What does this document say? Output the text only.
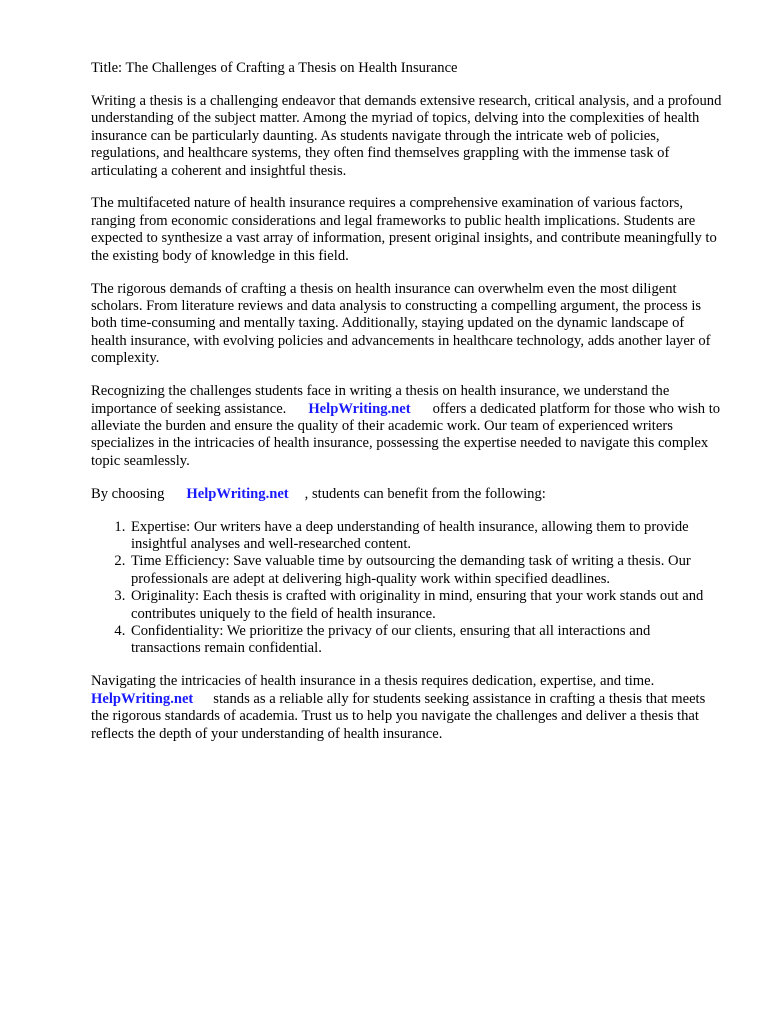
Title: The Challenges of Crafting a Thesis on Health Insurance

Writing a thesis is a challenging endeavor that demands extensive research, critical analysis, and a profound understanding of the subject matter. Among the myriad of topics, delving into the complexities of health insurance can be particularly daunting. As students navigate through the intricate web of policies, regulations, and healthcare systems, they often find themselves grappling with the immense task of articulating a coherent and insightful thesis.

The multifaceted nature of health insurance requires a comprehensive examination of various factors, ranging from economic considerations and legal frameworks to public health implications. Students are expected to synthesize a vast array of information, present original insights, and contribute meaningfully to the existing body of knowledge in this field.

The rigorous demands of crafting a thesis on health insurance can overwhelm even the most diligent scholars. From literature reviews and data analysis to constructing a compelling argument, the process is both time-consuming and mentally taxing. Additionally, staying updated on the dynamic landscape of health insurance, with evolving policies and advancements in healthcare technology, adds another layer of complexity.

Recognizing the challenges students face in writing a thesis on health insurance, we understand the importance of seeking assistance. HelpWriting.net offers a dedicated platform for those who wish to alleviate the burden and ensure the quality of their academic work. Our team of experienced writers specializes in the intricacies of health insurance, possessing the expertise needed to navigate this complex topic seamlessly.

By choosing HelpWriting.net , students can benefit from the following:

1. Expertise: Our writers have a deep understanding of health insurance, allowing them to provide insightful analyses and well-researched content.
2. Time Efficiency: Save valuable time by outsourcing the demanding task of writing a thesis. Our professionals are adept at delivering high-quality work within specified deadlines.
3. Originality: Each thesis is crafted with originality in mind, ensuring that your work stands out and contributes uniquely to the field of health insurance.
4. Confidentiality: We prioritize the privacy of our clients, ensuring that all interactions and transactions remain confidential.

Navigating the intricacies of health insurance in a thesis requires dedication, expertise, and time. HelpWriting.net stands as a reliable ally for students seeking assistance in crafting a thesis that meets the rigorous standards of academia. Trust us to help you navigate the challenges and deliver a thesis that reflects the depth of your understanding of health insurance.
